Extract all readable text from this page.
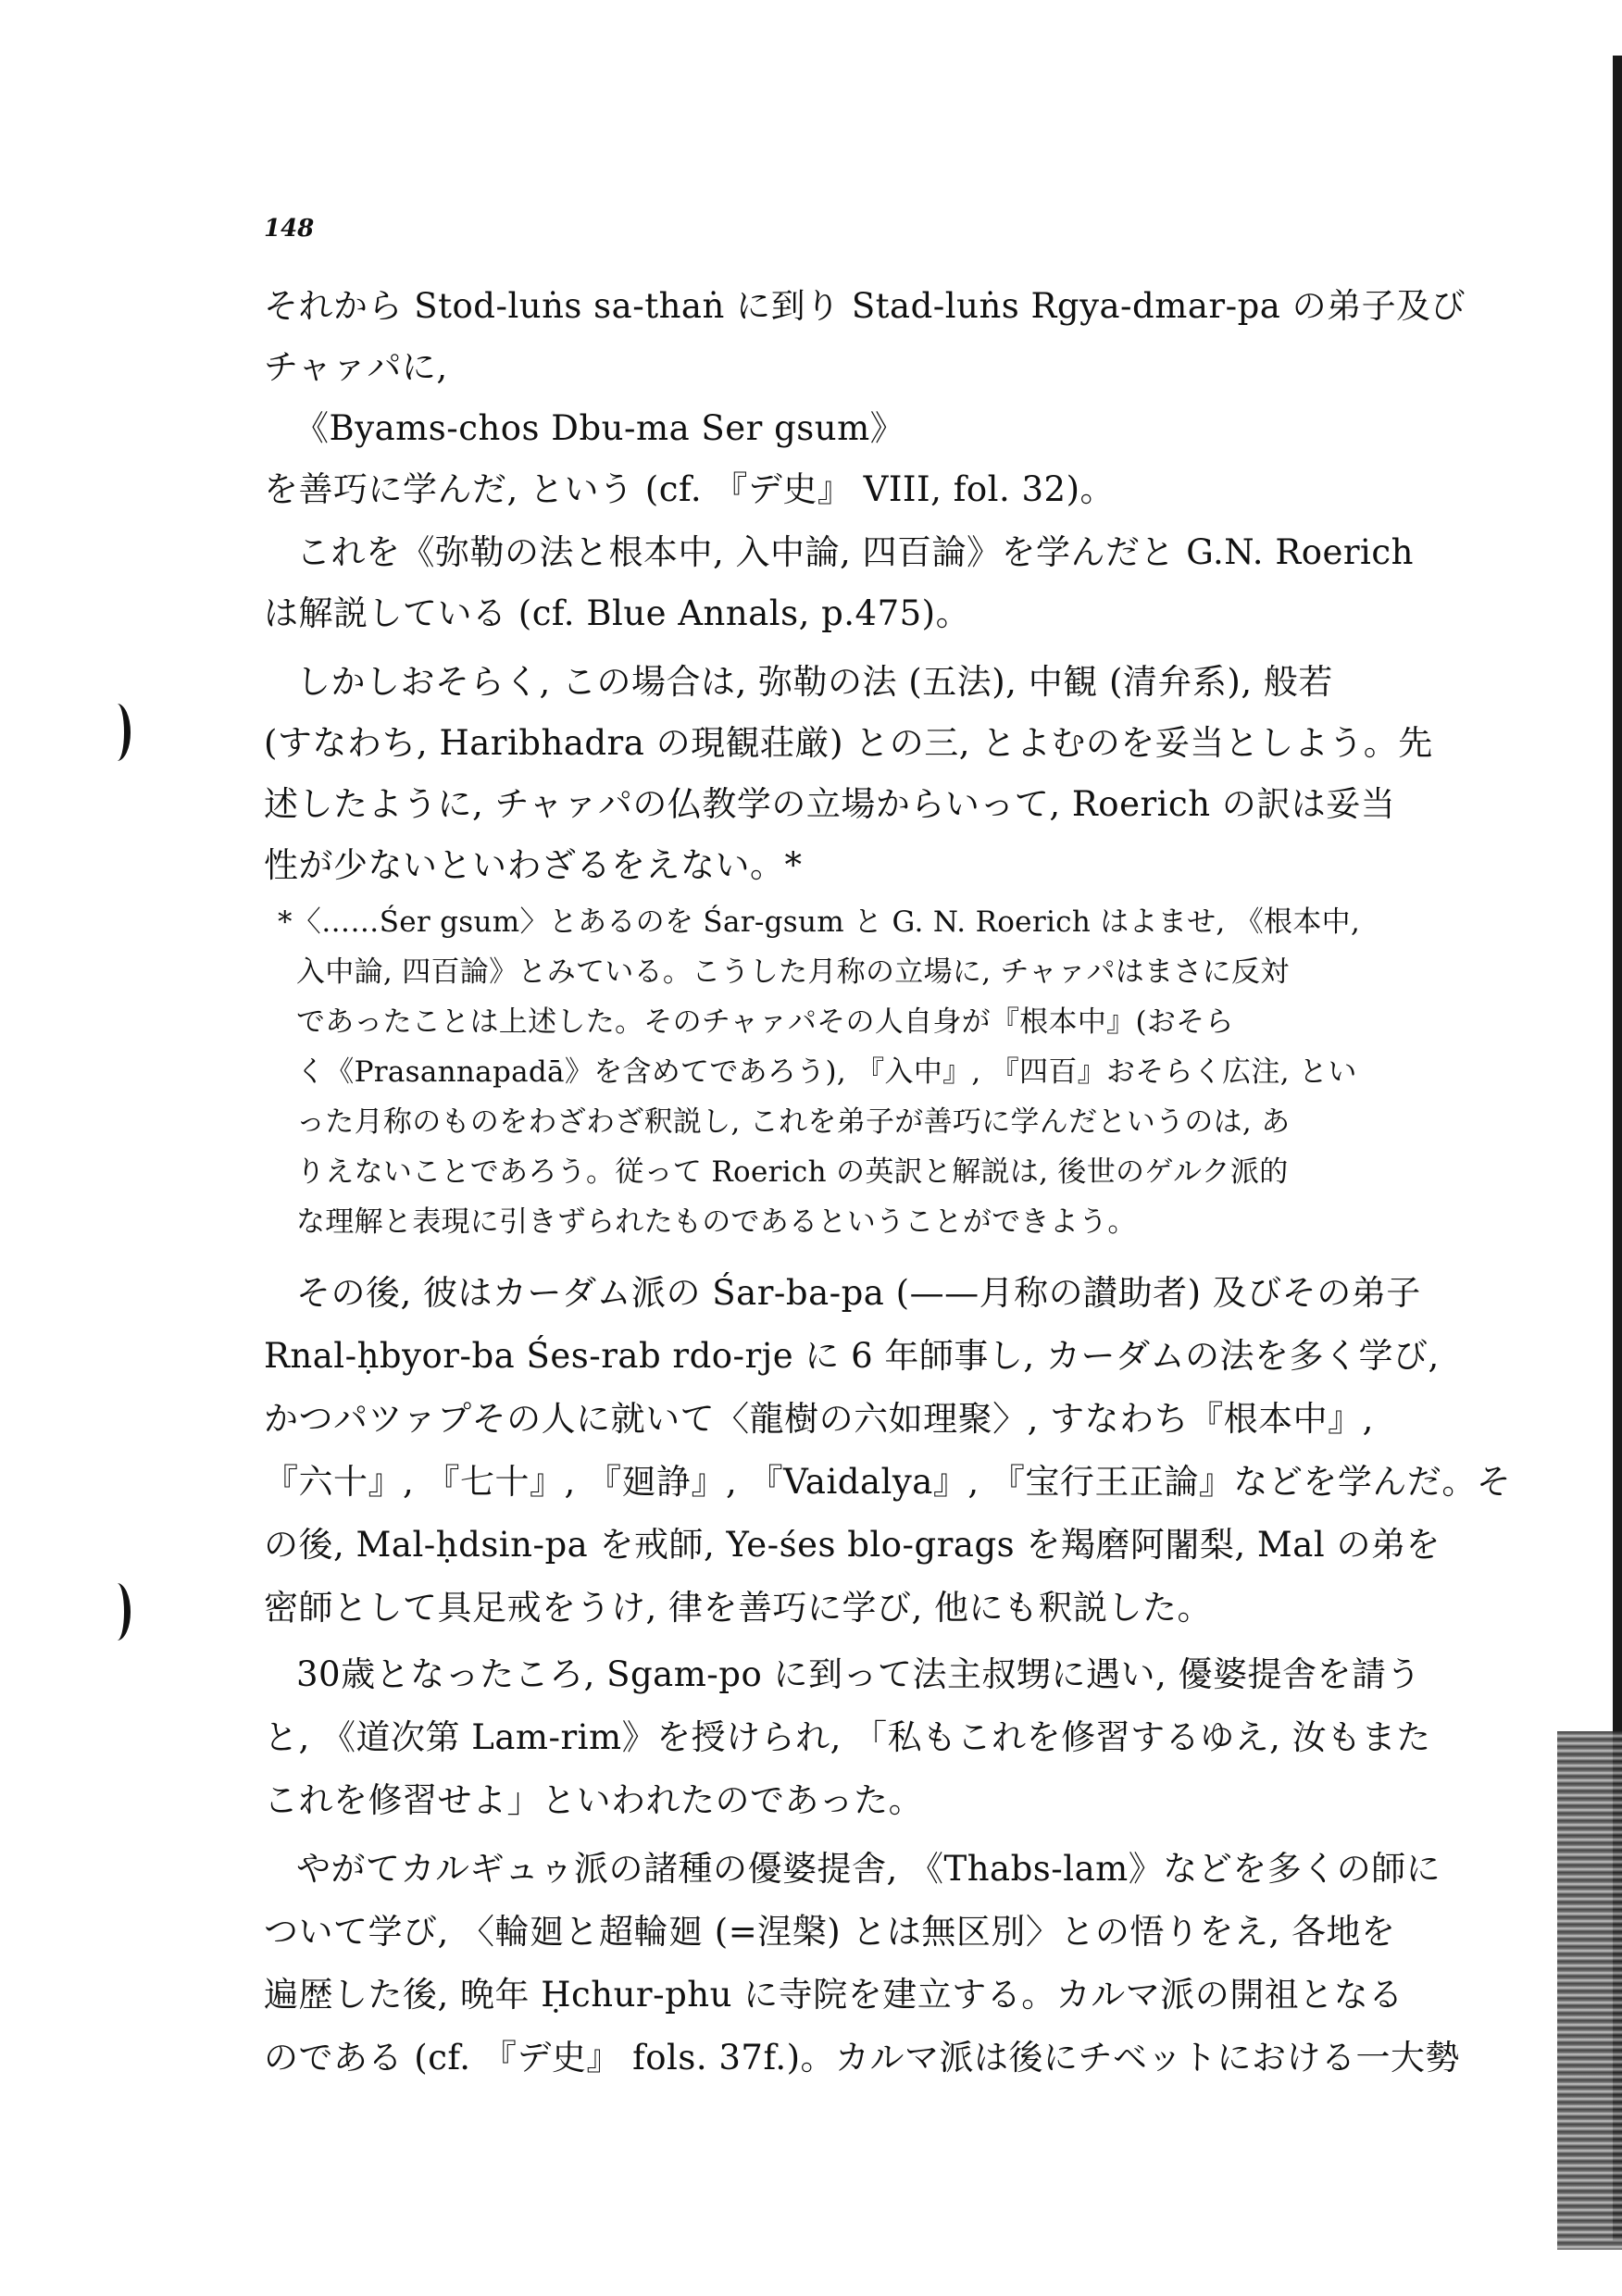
148
それから Stod-luṅs sa-thaṅ に到り Stad-luṅs Rgya-dmar-pa の弟子及び
チャァパに,
《Byams-chos Dbu-ma Ser gsum》
を善巧に学んだ, という (cf. 『デ史』 VIII, fol. 32)。
これを《弥勒の法と根本中, 入中論, 四百論》を学んだと G.N. Roerich
は解説している (cf. Blue Annals, p.475)。
しかしおそらく, この場合は, 弥勒の法 (五法), 中観 (清弁系), 般若
(すなわち, Haribhadra の現観荘厳) との三, とよむのを妥当としよう。先
述したように, チャァパの仏教学の立場からいって, Roerich の訳は妥当
性が少ないといわざるをえない。*
*〈……Śer gsum〉とあるのを Śar-gsum と G. N. Roerich はよませ, 《根本中,
入中論, 四百論》とみている。こうした月称の立場に, チャァパはまさに反対
であったことは上述した。そのチャァパその人自身が『根本中』(おそら
く《Prasannapadā》を含めてであろう), 『入中』, 『四百』おそらく広注, とい
った月称のものをわざわざ釈説し, これを弟子が善巧に学んだというのは, あ
りえないことであろう。従って Roerich の英訳と解説は, 後世のゲルク派的
な理解と表現に引きずられたものであるということができよう。
その後, 彼はカーダム派の Śar-ba-pa (——月称の讃助者) 及びその弟子
Rnal-ḥbyor-ba Śes-rab rdo-rje に 6 年師事し, カーダムの法を多く学び,
かつパツァプその人に就いて〈龍樹の六如理聚〉, すなわち『根本中』,
『六十』, 『七十』, 『廻諍』, 『Vaidalya』, 『宝行王正論』などを学んだ。そ
の後, Mal-ḥdsin-pa を戒師, Ye-śes blo-grags を羯磨阿闍梨, Mal の弟を
密師として具足戒をうけ, 律を善巧に学び, 他にも釈説した。
30歳となったころ, Sgam-po に到って法主叔甥に遇い, 優婆提舎を請う
と, 《道次第 Lam-rim》を授けられ, 「私もこれを修習するゆえ, 汝もまた
これを修習せよ」といわれたのであった。
やがてカルギュゥ派の諸種の優婆提舎, 《Thabs-lam》などを多くの師に
ついて学び, 〈輪廻と超輪廻 (=涅槃) とは無区別〉との悟りをえ, 各地を
遍歴した後, 晩年 Ḥchur-phu に寺院を建立する。カルマ派の開祖となる
のである (cf. 『デ史』 fols. 37f.)。カルマ派は後にチベットにおける一大勢
